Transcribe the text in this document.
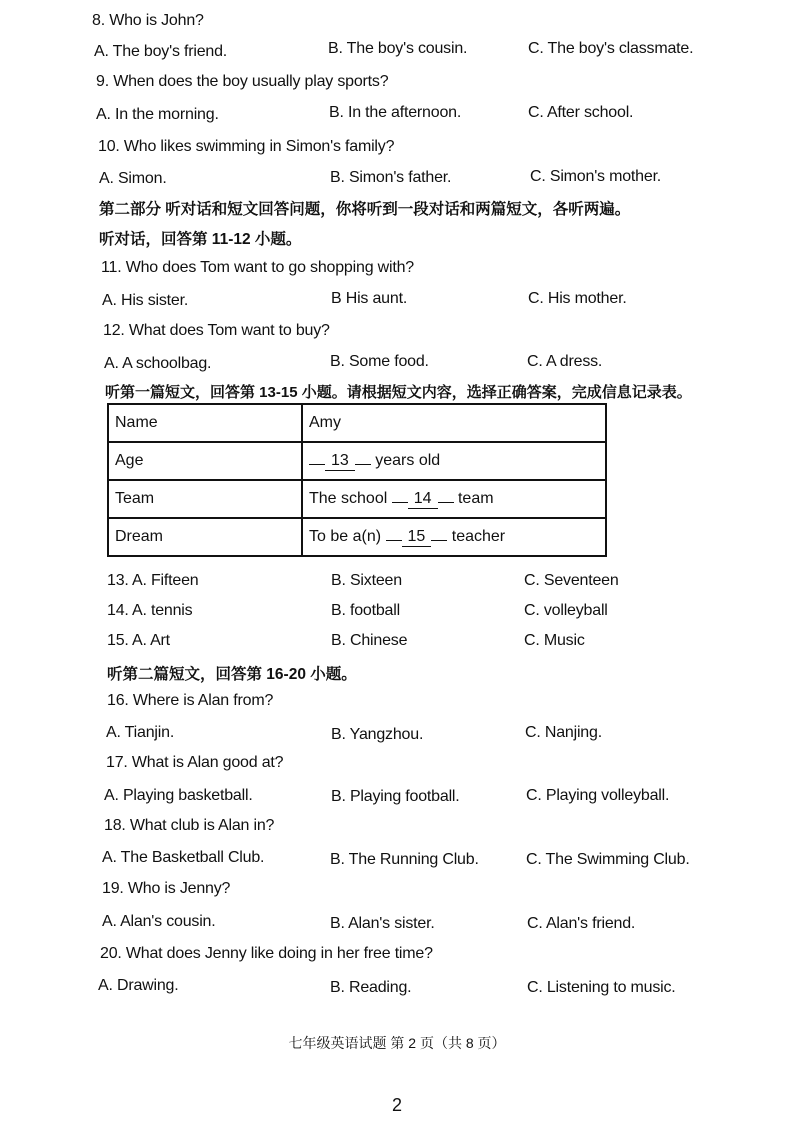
8. Who is John?
A. The boy's friend.	B. The boy's cousin.	C. The boy's classmate.
9. When does the boy usually play sports?
A. In the morning.	B. In the afternoon.	C. After school.
10. Who likes swimming in Simon's family?
A. Simon.	B. Simon's father.	C. Simon's mother.
第二部分 听对话和短文回答问题，你将听到一段对话和两篇短文，各听两遍。
听对话，回答第 11-12 小题。
11. Who does Tom want to go shopping with?
A. His sister.	B His aunt.	C. His mother.
12. What does Tom want to buy?
A. A schoolbag.	B. Some food.	C. A dress.
听第一篇短文，回答第 13-15 小题。请根据短文内容，选择正确答案，完成信息记录表。
Name	Amy
Age	13 years old
Team	The school 14 team
Dream	To be a(n) 15 teacher
13. A. Fifteen	B. Sixteen	C. Seventeen
14. A. tennis	B. football	C. volleyball
15. A. Art	B. Chinese	C. Music
听第二篇短文，回答第 16-20 小题。
16. Where is Alan from?
A. Tianjin.	B. Yangzhou.	C. Nanjing.
17. What is Alan good at?
A. Playing basketball.	B. Playing football.	C. Playing volleyball.
18. What club is Alan in?
A. The Basketball Club.	B. The Running Club.	C. The Swimming Club.
19. Who is Jenny?
A. Alan's cousin.	B. Alan's sister.	C. Alan's friend.
20. What does Jenny like doing in her free time?
A. Drawing.	B. Reading.	C. Listening to music.
七年级英语试题 第 2 页（共 8 页）
2
